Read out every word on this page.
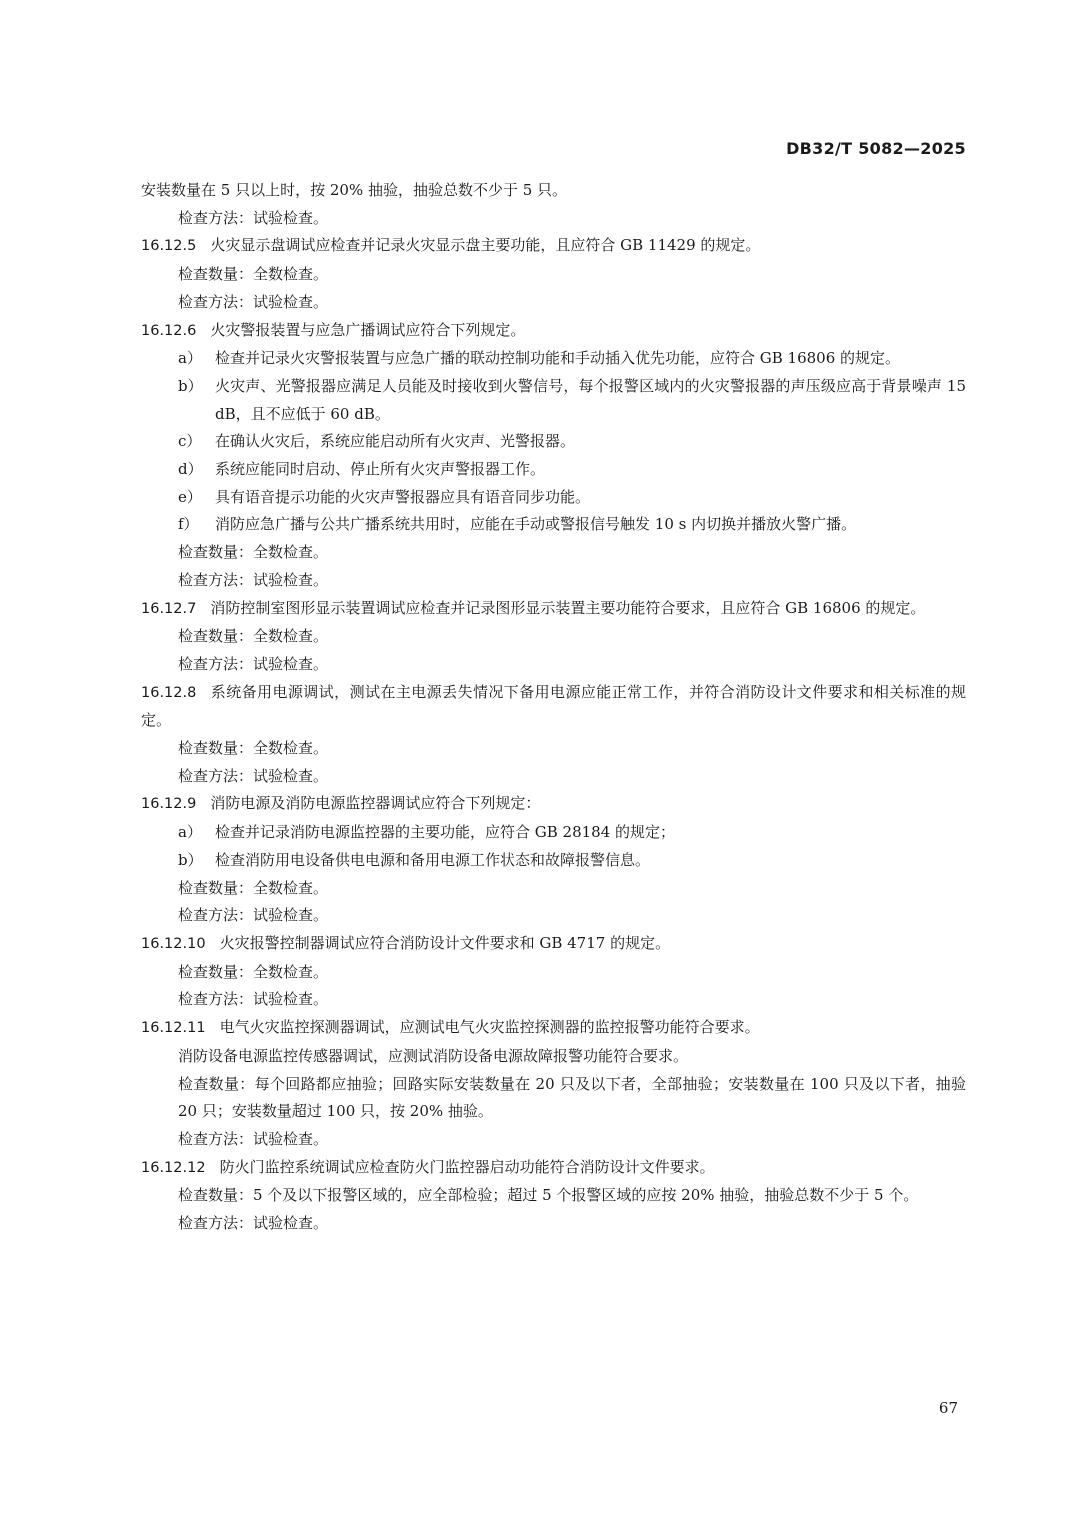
DB32/T 5082—2025

安装数量在 5 只以上时，按 20% 抽验，抽验总数不少于 5 只。

检查方法：试验检查。

16.12.5 火灾显示盘调试应检查并记录火灾显示盘主要功能，且应符合 GB 11429 的规定。

检查数量：全数检查。

检查方法：试验检查。

16.12.6 火灾警报装置与应急广播调试应符合下列规定。

a） 检查并记录火灾警报装置与应急广播的联动控制功能和手动插入优先功能，应符合 GB 16806 的规定。

b） 火灾声、光警报器应满足人员能及时接收到火警信号，每个报警区域内的火灾警报器的声压级应高于背景噪声 15 dB，且不应低于 60 dB。

c） 在确认火灾后，系统应能启动所有火灾声、光警报器。

d） 系统应能同时启动、停止所有火灾声警报器工作。

e） 具有语音提示功能的火灾声警报器应具有语音同步功能。

f） 消防应急广播与公共广播系统共用时，应能在手动或警报信号触发 10 s 内切换并播放火警广播。

检查数量：全数检查。

检查方法：试验检查。

16.12.7 消防控制室图形显示装置调试应检查并记录图形显示装置主要功能符合要求，且应符合 GB 16806 的规定。

检查数量：全数检查。

检查方法：试验检查。

16.12.8 系统备用电源调试，测试在主电源丢失情况下备用电源应能正常工作，并符合消防设计文件要求和相关标准的规定。

检查数量：全数检查。

检查方法：试验检查。

16.12.9 消防电源及消防电源监控器调试应符合下列规定：

a） 检查并记录消防电源监控器的主要功能，应符合 GB 28184 的规定；

b） 检查消防用电设备供电电源和备用电源工作状态和故障报警信息。

检查数量：全数检查。

检查方法：试验检查。

16.12.10 火灾报警控制器调试应符合消防设计文件要求和 GB 4717 的规定。

检查数量：全数检查。

检查方法：试验检查。

16.12.11 电气火灾监控探测器调试，应测试电气火灾监控探测器的监控报警功能符合要求。

消防设备电源监控传感器调试，应测试消防设备电源故障报警功能符合要求。

检查数量：每个回路都应抽验；回路实际安装数量在 20 只及以下者，全部抽验；安装数量在 100 只及以下者，抽验 20 只；安装数量超过 100 只，按 20% 抽验。

检查方法：试验检查。

16.12.12 防火门监控系统调试应检查防火门监控器启动功能符合消防设计文件要求。

检查数量：5 个及以下报警区域的，应全部检验；超过 5 个报警区域的应按 20% 抽验，抽验总数不少于 5 个。

检查方法：试验检查。

67
